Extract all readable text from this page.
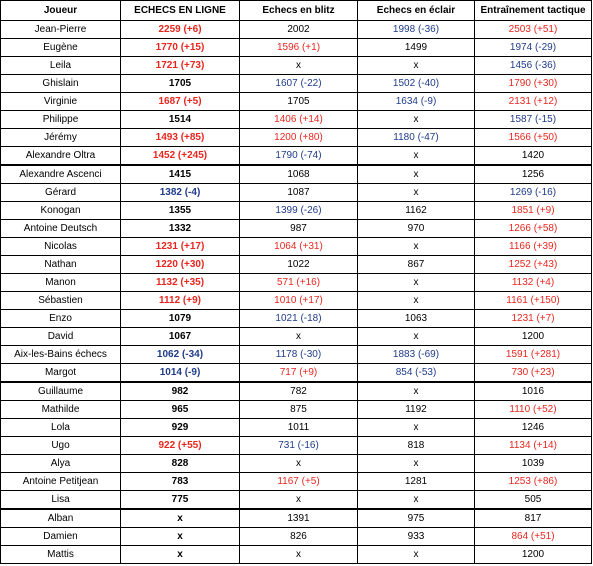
Joueur	ECHECS EN LIGNE	Echecs en blitz	Echecs en éclair	Entraînement tactique
Jean-Pierre	2259 (+6)	2002	1998 (-36)	2503 (+51)
Eugène	1770 (+15)	1596 (+1)	1499	1974 (-29)
Leila	1721 (+73)	x	x	1456 (-36)
Ghislain	1705	1607 (-22)	1502 (-40)	1790 (+30)
Virginie	1687 (+5)	1705	1634 (-9)	2131 (+12)
Philippe	1514	1406 (+14)	x	1587 (-15)
Jérémy	1493 (+85)	1200 (+80)	1180 (-47)	1566 (+50)
Alexandre Oltra	1452 (+245)	1790 (-74)	x	1420
Alexandre Ascenci	1415	1068	x	1256
Gérard	1382 (-4)	1087	x	1269 (-16)
Konogan	1355	1399 (-26)	1162	1851 (+9)
Antoine Deutsch	1332	987	970	1266 (+58)
Nicolas	1231 (+17)	1064 (+31)	x	1166 (+39)
Nathan	1220 (+30)	1022	867	1252 (+43)
Manon	1132 (+35)	571 (+16)	x	1132 (+4)
Sébastien	1112 (+9)	1010 (+17)	x	1161 (+150)
Enzo	1079	1021 (-18)	1063	1231 (+7)
David	1067	x	x	1200
Aix-les-Bains échecs	1062 (-34)	1178 (-30)	1883 (-69)	1591 (+281)
Margot	1014 (-9)	717 (+9)	854 (-53)	730 (+23)
Guillaume	982	782	x	1016
Mathilde	965	875	1192	1110 (+52)
Lola	929	1011	x	1246
Ugo	922 (+55)	731 (-16)	818	1134 (+14)
Alya	828	x	x	1039
Antoine Petitjean	783	1167 (+5)	1281	1253 (+86)
Lisa	775	x	x	505
Alban	x	1391	975	817
Damien	x	826	933	864 (+51)
Mattis	x	x	x	1200
